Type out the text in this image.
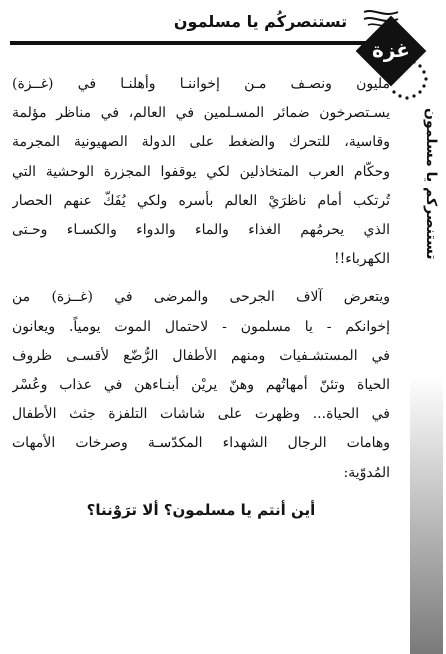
تستنصركُم يا مسلمون
غزة
تستنصركم يا مسلمون

مليون ونصـف مـن إخواننـا وأهلنـا في (غــزة)
يسـتصرخون ضمائر المسـلمين في العالم، في مناظر مؤلمة
وقاسية، للتحرك والضغط على الدولة الصهيونية المجرمة
وحكّام العرب المتخاذلين لكي يوقفوا المجزرة الوحشية التي
تُرتكب أمام ناظرَيْ العالم بأسره ولكي يُفَكّ عنهم الحصار
الذي يحرمُهم الغذاء والماء والدواء والكسـاء وحـتى
الكهرباء!!

ويتعرض آلاف الجرحى والمرضى في (غــزة) من
إخوانكم - يا مسلمون - لاحتمال الموت يومياً. ويعانون
في المستشـفيات ومنهم الأطفال الرُّضّع لأقسـى ظروف
الحياة وتئنّ أمهاتُهم وهنّ يريْن أبنـاءهن في عذاب وعُسْر
في الحياة... وظهرت على شاشات التلفزة جثث الأطفال
وهامات الرجال الشهداء المكدّسـة وصرخات الأمهات
المُدوّية:

أين أنتم يا مسلمون؟ ألا ترَوْننا؟
